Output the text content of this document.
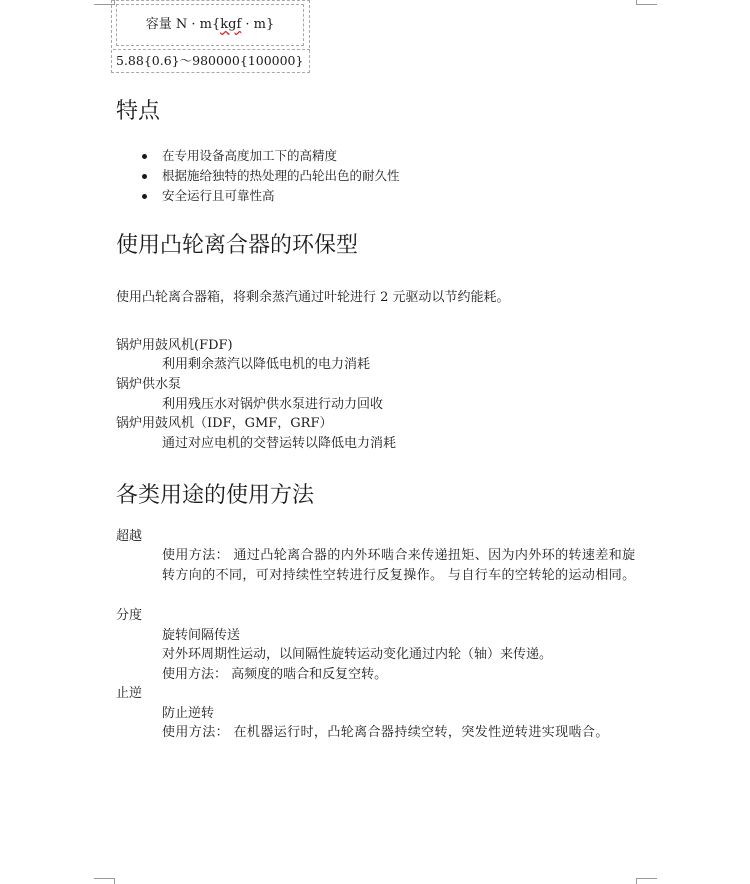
容量 N · m{kgf · m}
5.88{0.6}～980000{100000}
特点
在专用设备高度加工下的高精度
根据施给独特的热处理的凸轮出色的耐久性
安全运行且可靠性高
使用凸轮离合器的环保型
使用凸轮离合器箱，将剩余蒸汽通过叶轮进行 2 元驱动以节约能耗。
锅炉用鼓风机(FDF)
利用剩余蒸汽以降低电机的电力消耗
锅炉供水泵
利用残压水对锅炉供水泵进行动力回收
锅炉用鼓风机（IDF，GMF，GRF）
通过对应电机的交替运转以降低电力消耗
各类用途的使用方法
超越
使用方法： 通过凸轮离合器的内外环啮合来传递扭矩、因为内外环的转速差和旋转方向的不同，可对持续性空转进行反复操作。 与自行车的空转轮的运动相同。
分度
旋转间隔传送
对外环周期性运动，以间隔性旋转运动变化通过内轮（轴）来传递。
使用方法： 高频度的啮合和反复空转。
止逆
防止逆转
使用方法： 在机器运行时，凸轮离合器持续空转，突发性逆转进实现啮合。
